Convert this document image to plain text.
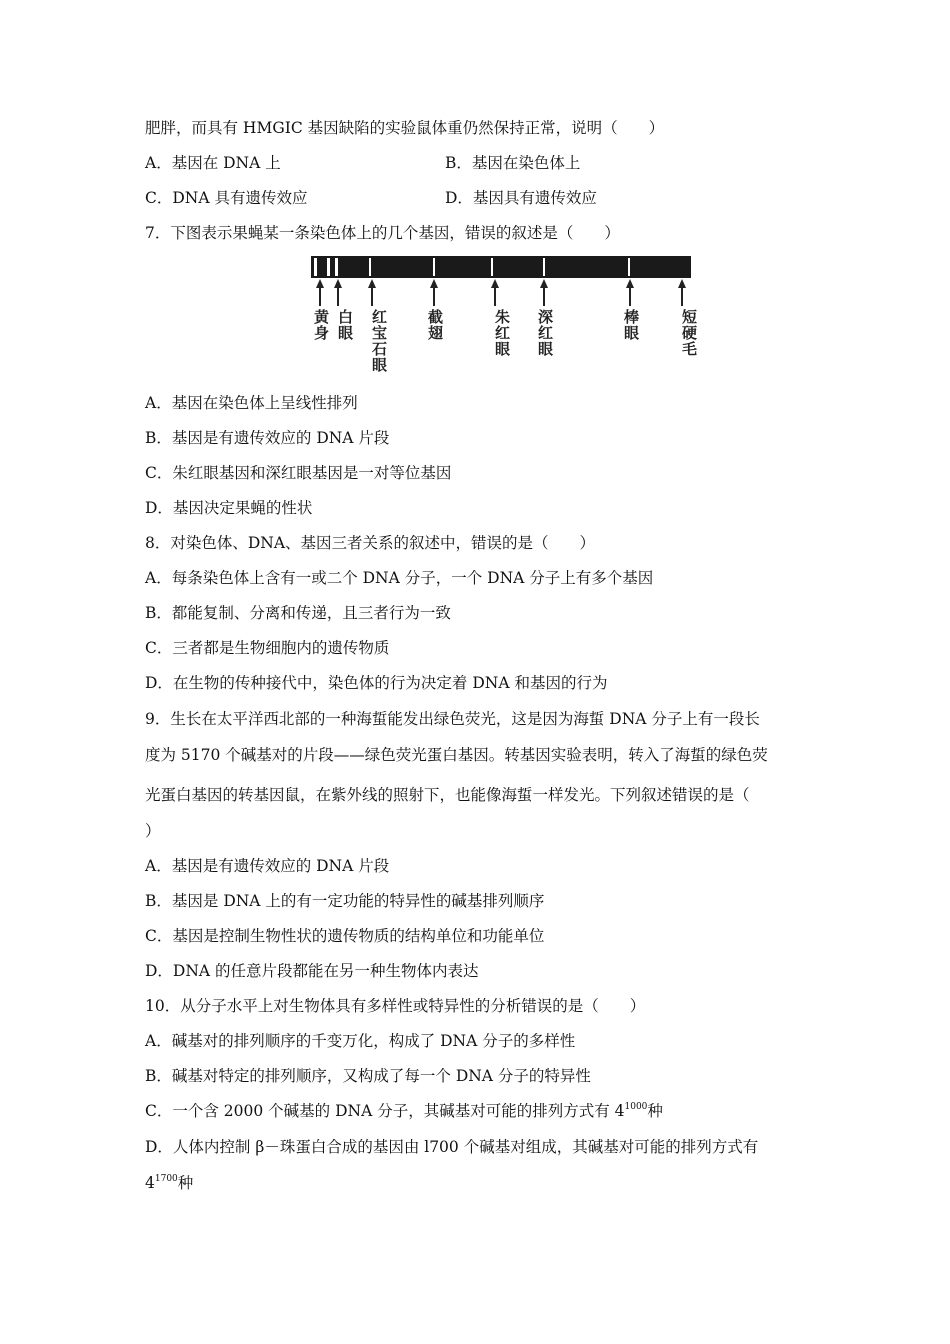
肥胖，而具有 HMGIC 基因缺陷的实验鼠体重仍然保持正常，说明（　　）
A．基因在 DNA 上	B．基因在染色体上
C．DNA 具有遗传效应	D．基因具有遗传效应
7．下图表示果蝇某一条染色体上的几个基因，错误的叙述是（　　）
黄身
白眼
红宝石眼
截翅
朱红眼
深红眼
棒眼
短硬毛
A．基因在染色体上呈线性排列
B．基因是有遗传效应的 DNA 片段
C．朱红眼基因和深红眼基因是一对等位基因
D．基因决定果蝇的性状
8．对染色体、DNA、基因三者关系的叙述中，错误的是（　　）
A．每条染色体上含有一或二个 DNA 分子，一个 DNA 分子上有多个基因
B．都能复制、分离和传递，且三者行为一致
C．三者都是生物细胞内的遗传物质
D．在生物的传种接代中，染色体的行为决定着 DNA 和基因的行为
9．生长在太平洋西北部的一种海蜇能发出绿色荧光，这是因为海蜇 DNA 分子上有一段长
度为 5170 个碱基对的片段——绿色荧光蛋白基因。转基因实验表明，转入了海蜇的绿色荧
光蛋白基因的转基因鼠，在紫外线的照射下，也能像海蜇一样发光。下列叙述错误的是（
）
A．基因是有遗传效应的 DNA 片段
B．基因是 DNA 上的有一定功能的特异性的碱基排列顺序
C．基因是控制生物性状的遗传物质的结构单位和功能单位
D．DNA 的任意片段都能在另一种生物体内表达
10．从分子水平上对生物体具有多样性或特异性的分析错误的是（　　）
A．碱基对的排列顺序的千变万化，构成了 DNA 分子的多样性
B．碱基对特定的排列顺序，又构成了每一个 DNA 分子的特异性
C．一个含 2000 个碱基的 DNA 分子，其碱基对可能的排列方式有 $4^{1000}$种
D．人体内控制 β－珠蛋白合成的基因由 l700 个碱基对组成，其碱基对可能的排列方式有
$4^{1700}$种
